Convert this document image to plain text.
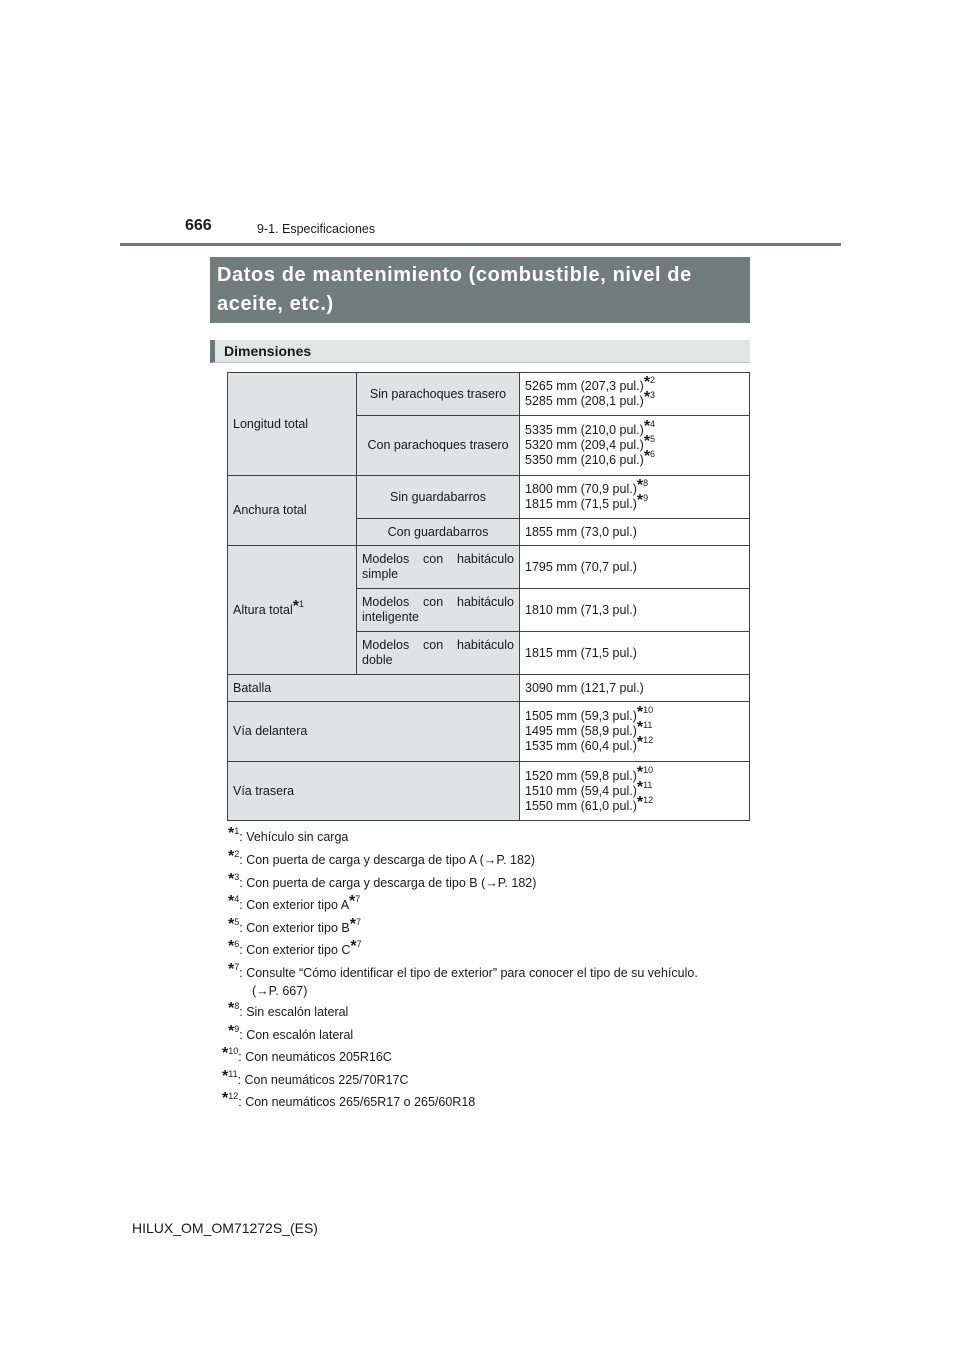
666	9-1. Especificaciones
Datos de mantenimiento (combustible, nivel de aceite, etc.)
Dimensiones
Longitud total	Sin parachoques trasero	5265 mm (207,3 pul.)*$^2$
5285 mm (208,1 pul.)*$^3$
	Con parachoques trasero	5335 mm (210,0 pul.)*$^4$
5320 mm (209,4 pul.)*$^5$
5350 mm (210,6 pul.)*$^6$
Anchura total	Sin guardabarros	1800 mm (70,9 pul.)*$^8$
1815 mm (71,5 pul.)*$^9$
	Con guardabarros	1855 mm (73,0 pul.)
Altura total*$^1$	Modelos con habitáculo simple	1795 mm (70,7 pul.)
	Modelos con habitáculo inteligente	1810 mm (71,3 pul.)
	Modelos con habitáculo doble	1815 mm (71,5 pul.)
Batalla		3090 mm (121,7 pul.)
Vía delantera		1505 mm (59,3 pul.)*$^{10}$
1495 mm (58,9 pul.)*$^{11}$
1535 mm (60,4 pul.)*$^{12}$
Vía trasera		1520 mm (59,8 pul.)*$^{10}$
1510 mm (59,4 pul.)*$^{11}$
1550 mm (61,0 pul.)*$^{12}$
*$^1$: Vehículo sin carga
*$^2$: Con puerta de carga y descarga de tipo A (→P. 182)
*$^3$: Con puerta de carga y descarga de tipo B (→P. 182)
*$^4$: Con exterior tipo A*$^7$
*$^5$: Con exterior tipo B*$^7$
*$^6$: Con exterior tipo C*$^7$
*$^7$: Consulte “Cómo identificar el tipo de exterior” para conocer el tipo de su vehículo.
(→P. 667)
*$^8$: Sin escalón lateral
*$^9$: Con escalón lateral
*$^{10}$: Con neumáticos 205R16C
*$^{11}$: Con neumáticos 225/70R17C
*$^{12}$: Con neumáticos 265/65R17 o 265/60R18
HILUX_OM_OM71272S_(ES)
